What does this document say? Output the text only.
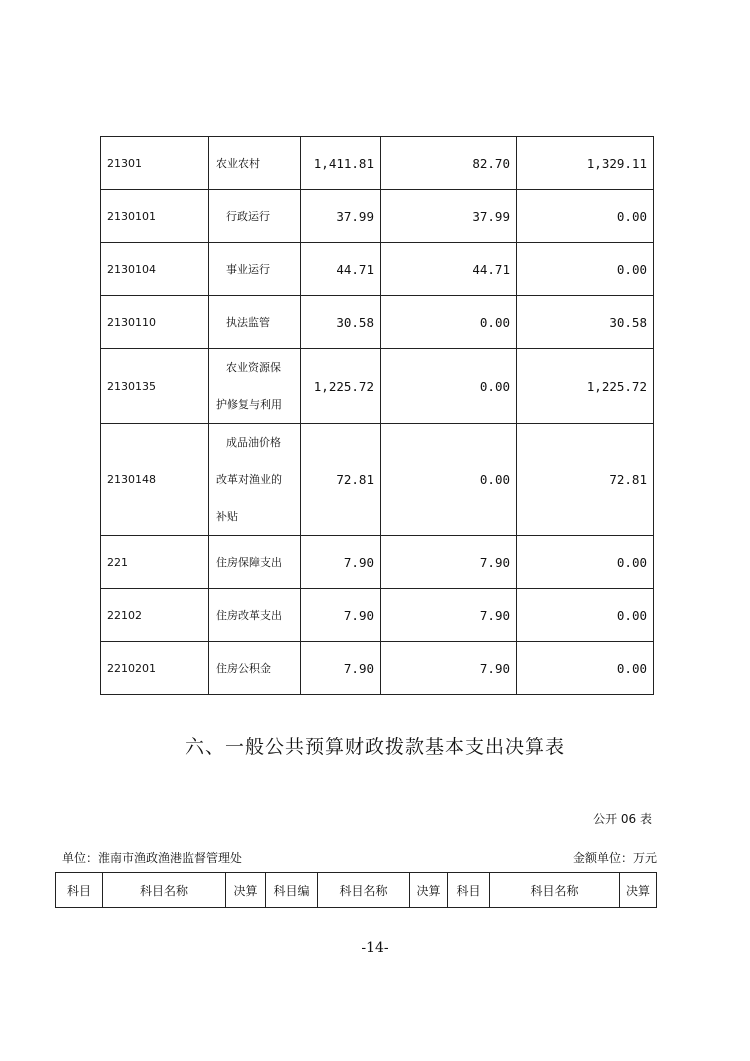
21301	农业农村	1,411.81	82.70	1,329.11
2130101	行政运行	37.99	37.99	0.00
2130104	事业运行	44.71	44.71	0.00
2130110	执法监管	30.58	0.00	30.58
2130135	农业资源保
护修复与利用	1,225.72	0.00	1,225.72
2130148	成品油价格
改革对渔业的
补贴	72.81	0.00	72.81
221	住房保障支出	7.90	7.90	0.00
22102	住房改革支出	7.90	7.90	0.00
2210201	住房公积金	7.90	7.90	0.00
六、一般公共预算财政拨款基本支出决算表
公开 06 表
单位：淮南市渔政渔港监督管理处	金额单位：万元
科目	科目名称	决算	科目编	科目名称	决算	科目	科目名称	决算
-14-
